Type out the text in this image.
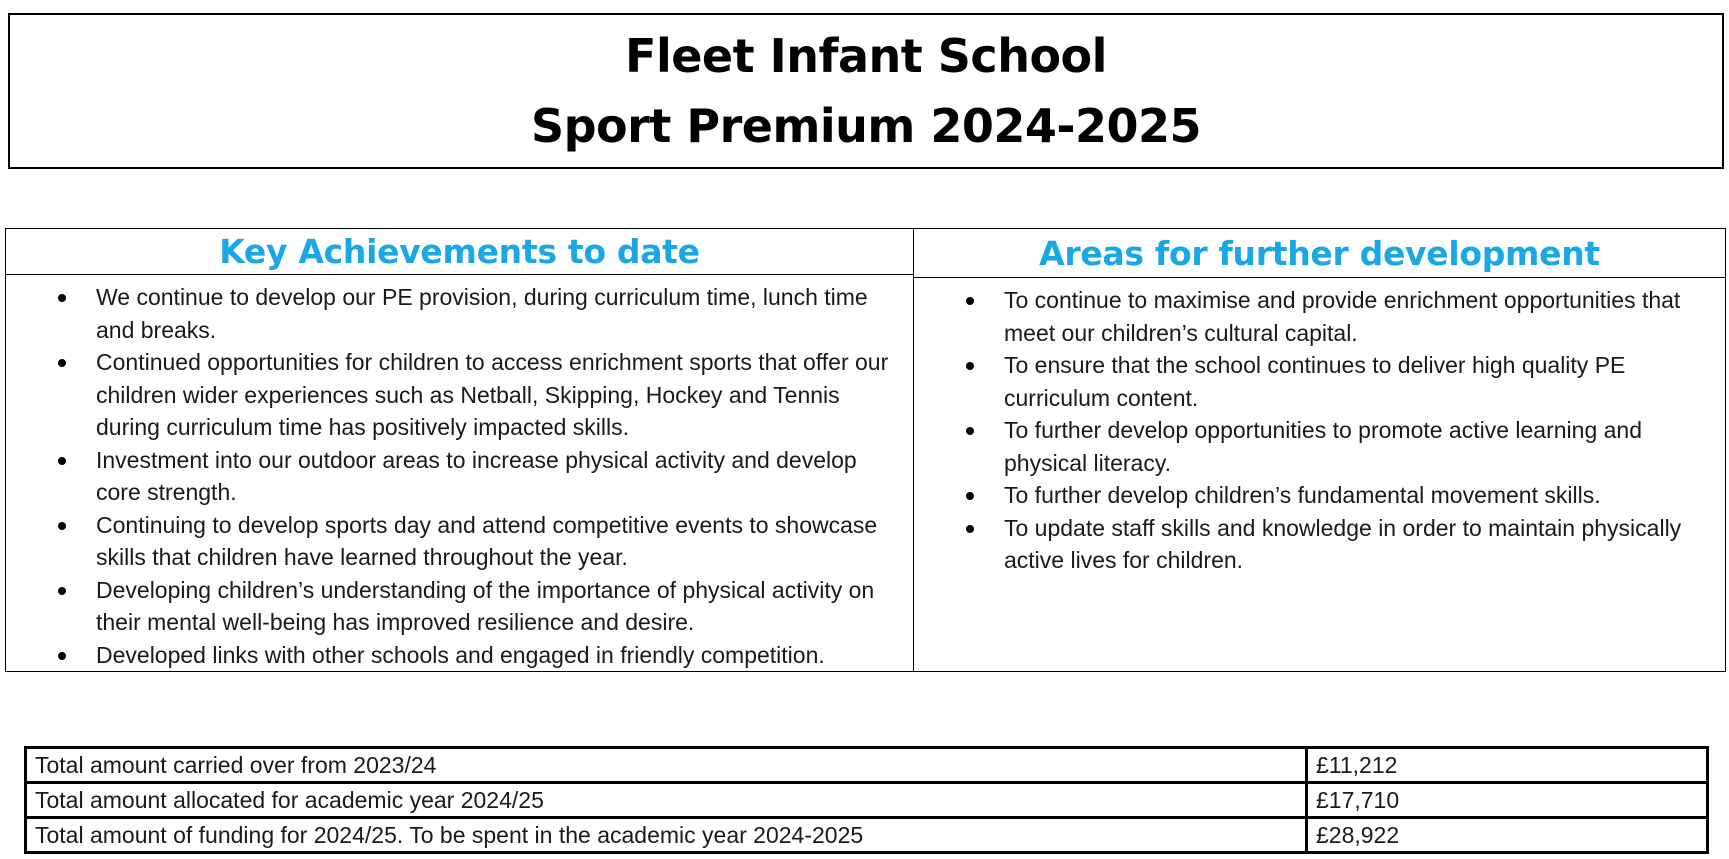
Fleet Infant School
Sport Premium 2024-2025
Key Achievements to date
We continue to develop our PE provision, during curriculum time, lunch time and breaks.
Continued opportunities for children to access enrichment sports that offer our children wider experiences such as Netball, Skipping, Hockey and Tennis during curriculum time has positively impacted skills.
Investment into our outdoor areas to increase physical activity and develop core strength.
Continuing to develop sports day and attend competitive events to showcase skills that children have learned throughout the year.
Developing children’s understanding of the importance of physical activity on their mental well-being has improved resilience and desire.
Developed links with other schools and engaged in friendly competition.
Areas for further development
To continue to maximise and provide enrichment opportunities that meet our children’s cultural capital.
To ensure that the school continues to deliver high quality PE curriculum content.
To further develop opportunities to promote active learning and physical literacy.
To further develop children’s fundamental movement skills.
To update staff skills and knowledge in order to maintain physically active lives for children.
Total amount carried over from 2023/24	£11,212
Total amount allocated for academic year 2024/25	£17,710
Total amount of funding for 2024/25. To be spent in the academic year 2024-2025	£28,922
